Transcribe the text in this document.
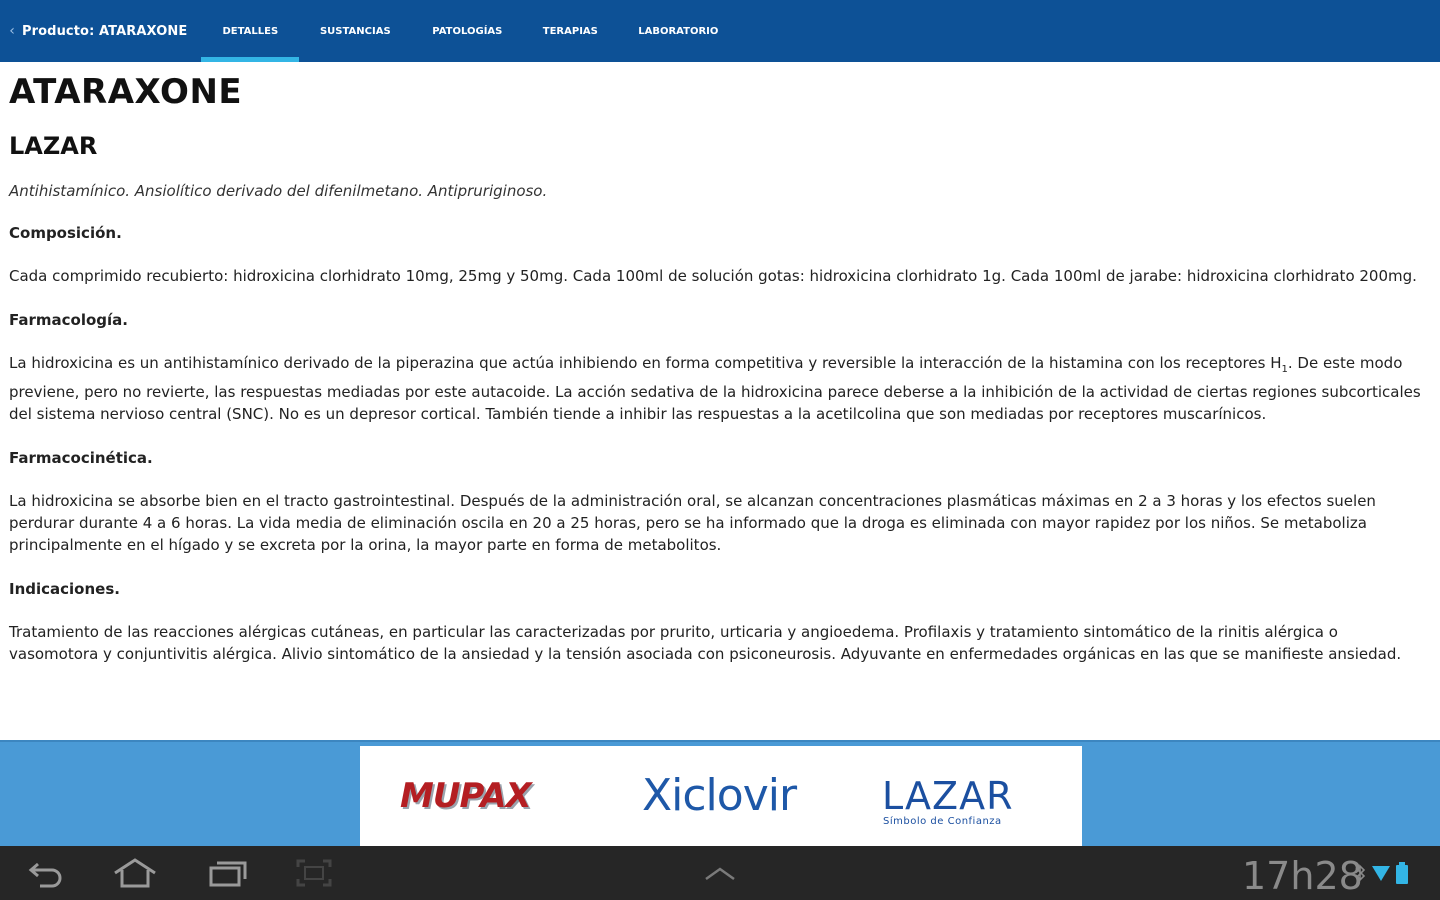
‹ Producto: ATARAXONE	DETALLES	SUSTANCIAS	PATOLOGÍAS	TERAPIAS	LABORATORIO
ATARAXONE
LAZAR

Antihistamínico. Ansiolítico derivado del difenilmetano. Antipruriginoso.

Composición.

Cada comprimido recubierto: hidroxicina clorhidrato 10mg, 25mg y 50mg. Cada 100ml de solución gotas: hidroxicina clorhidrato 1g. Cada 100ml de jarabe: hidroxicina clorhidrato 200mg.

Farmacología.

La hidroxicina es un antihistamínico derivado de la piperazina que actúa inhibiendo en forma competitiva y reversible la interacción de la histamina con los receptores $H_1$. De este modo previene, pero no revierte, las respuestas mediadas por este autacoide. La acción sedativa de la hidroxicina parece deberse a la inhibición de la actividad de ciertas regiones subcorticales del sistema nervioso central (SNC). No es un depresor cortical. También tiende a inhibir las respuestas a la acetilcolina que son mediadas por receptores muscarínicos.

Farmacocinética.

La hidroxicina se absorbe bien en el tracto gastrointestinal. Después de la administración oral, se alcanzan concentraciones plasmáticas máximas en 2 a 3 horas y los efectos suelen perdurar durante 4 a 6 horas. La vida media de eliminación oscila en 20 a 25 horas, pero se ha informado que la droga es eliminada con mayor rapidez por los niños. Se metaboliza principalmente en el hígado y se excreta por la orina, la mayor parte en forma de metabolitos.

Indicaciones.

Tratamiento de las reacciones alérgicas cutáneas, en particular las caracterizadas por prurito, urticaria y angioedema. Profilaxis y tratamiento sintomático de la rinitis alérgica o vasomotora y conjuntivitis alérgica. Alivio sintomático de la ansiedad y la tensión asociada con psiconeurosis. Adyuvante en enfermedades orgánicas en las que se manifieste ansiedad.

MUPAX	Xiclovir LAZAR
Símbolo de Confianza
17h28
